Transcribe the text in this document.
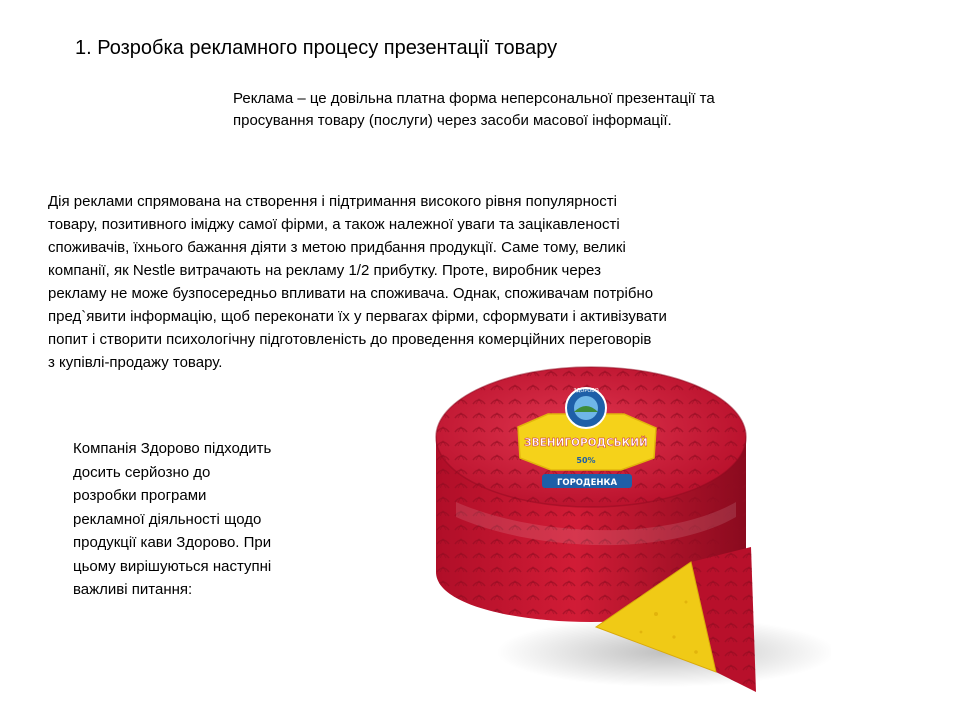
1. Розробка рекламного процесу презентації товару
Реклама – це довільна платна форма неперсональної презентації та
просування товару (послуги) через засоби масової інформації.
Дія реклами спрямована на створення і підтримання високого рівня популярності
товару, позитивного іміджу самої фірми, а також належної уваги та зацікавленості
споживачів, їхнього бажання діяти з метою придбання продукції. Саме тому, великі
компанії, як Nestle витрачають на рекламу 1/2 прибутку. Проте, виробник через
рекламу не може бузпосередньо впливати на споживача. Однак, споживачам потрібно
пред`явити інформацію, щоб переконати їх у первагах фірми, сформувати і активізувати
попит і створити психологічну підготовленість до проведення комерційних переговорів
з купівлі-продажу товару.
Компанія Здорово підходить
досить серйозно до
розробки програми
рекламної діяльності щодо
продукції кави Здорово. При
цьому вирішуються наступні
важливі питання:
ЗДОРОВО
ЗВЕНИГОРОДСЬКИЙ
50%
ГОРОДЕНКА
